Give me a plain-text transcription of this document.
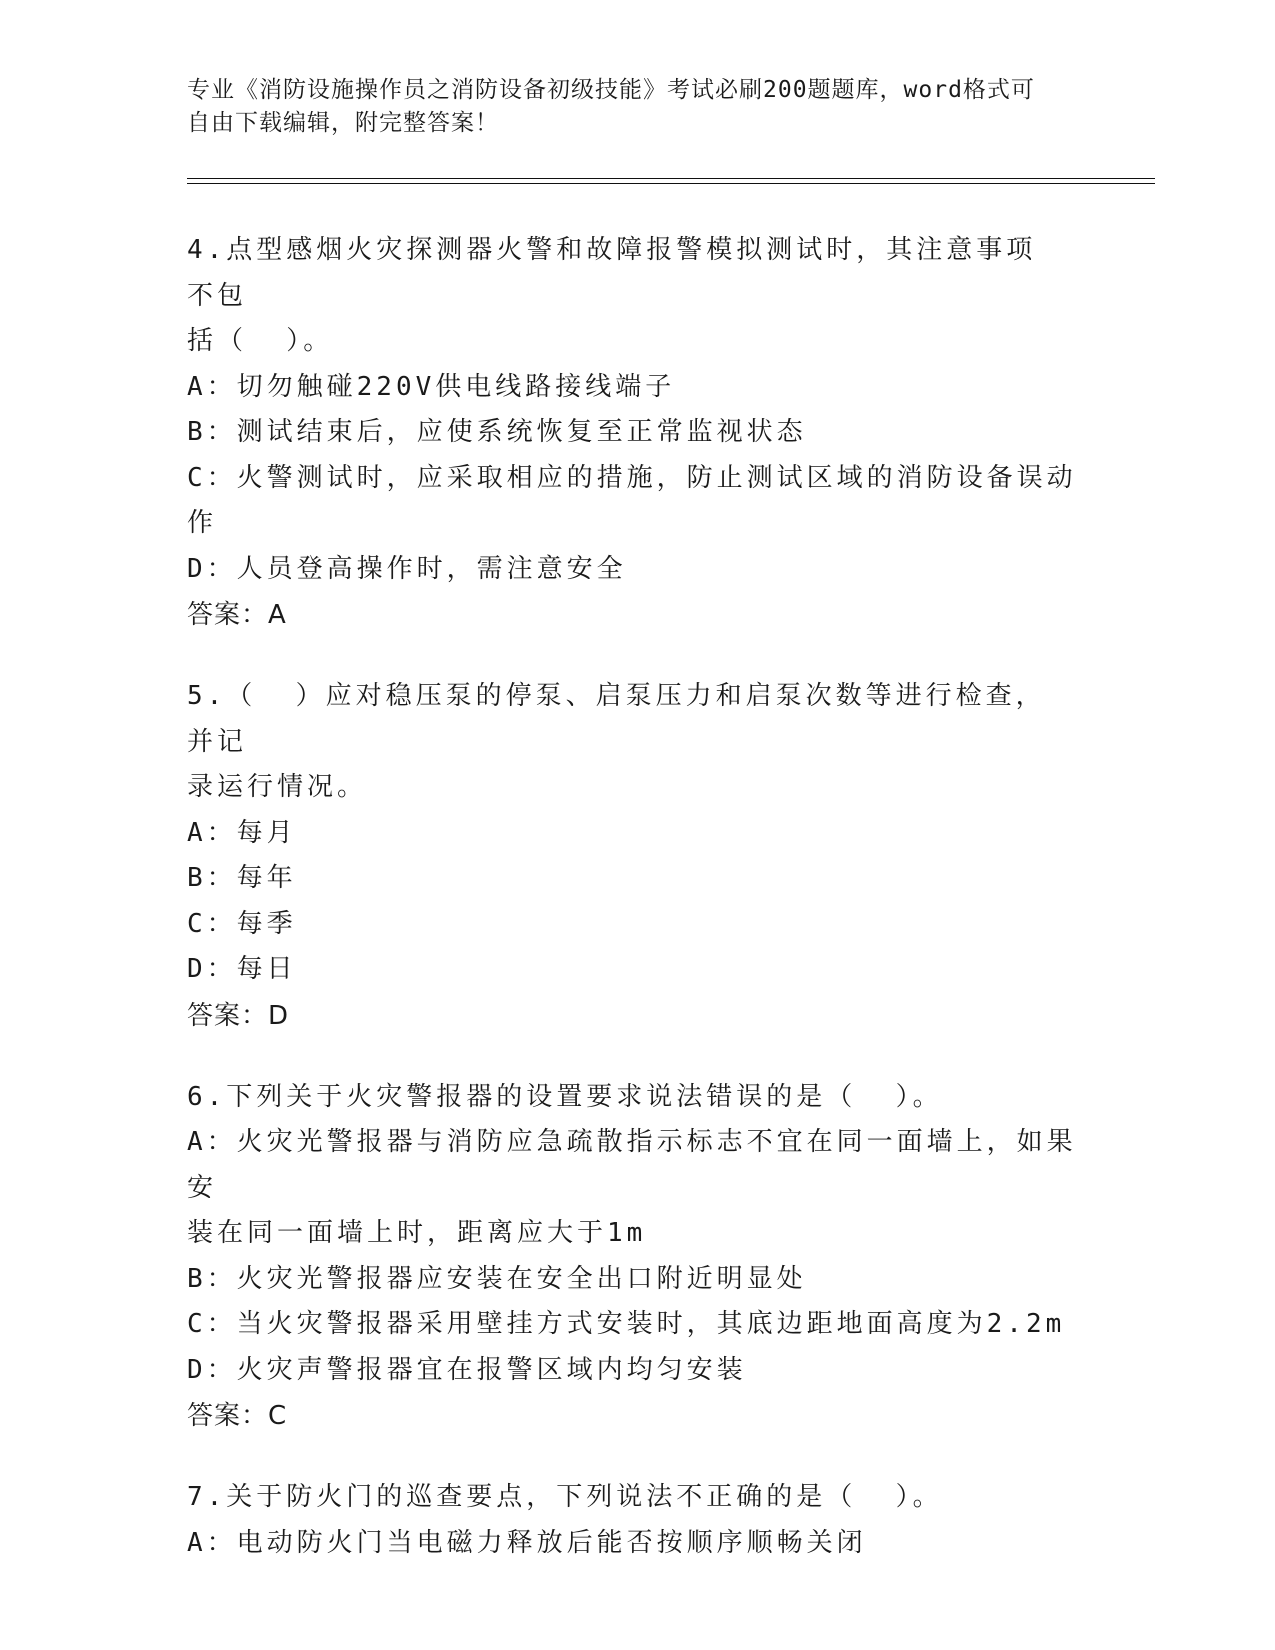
专业《消防设施操作员之消防设备初级技能》考试必刷200题题库，word格式可
自由下载编辑，附完整答案！
4.点型感烟火灾探测器火警和故障报警模拟测试时，其注意事项不包
括（  ）。
A：切勿触碰220V供电线路接线端子
B：测试结束后，应使系统恢复至正常监视状态
C：火警测试时，应采取相应的措施，防止测试区域的消防设备误动作
D：人员登高操作时，需注意安全
答案：A
5.（  ）应对稳压泵的停泵、启泵压力和启泵次数等进行检查，并记
录运行情况。
A：每月
B：每年
C：每季
D：每日
答案：D
6.下列关于火灾警报器的设置要求说法错误的是（  ）。
A：火灾光警报器与消防应急疏散指示标志不宜在同一面墙上，如果安
装在同一面墙上时，距离应大于1m
B：火灾光警报器应安装在安全出口附近明显处
C：当火灾警报器采用壁挂方式安装时，其底边距地面高度为2.2m
D：火灾声警报器宜在报警区域内均匀安装
答案：C
7.关于防火门的巡查要点，下列说法不正确的是（  ）。
A：电动防火门当电磁力释放后能否按顺序顺畅关闭
